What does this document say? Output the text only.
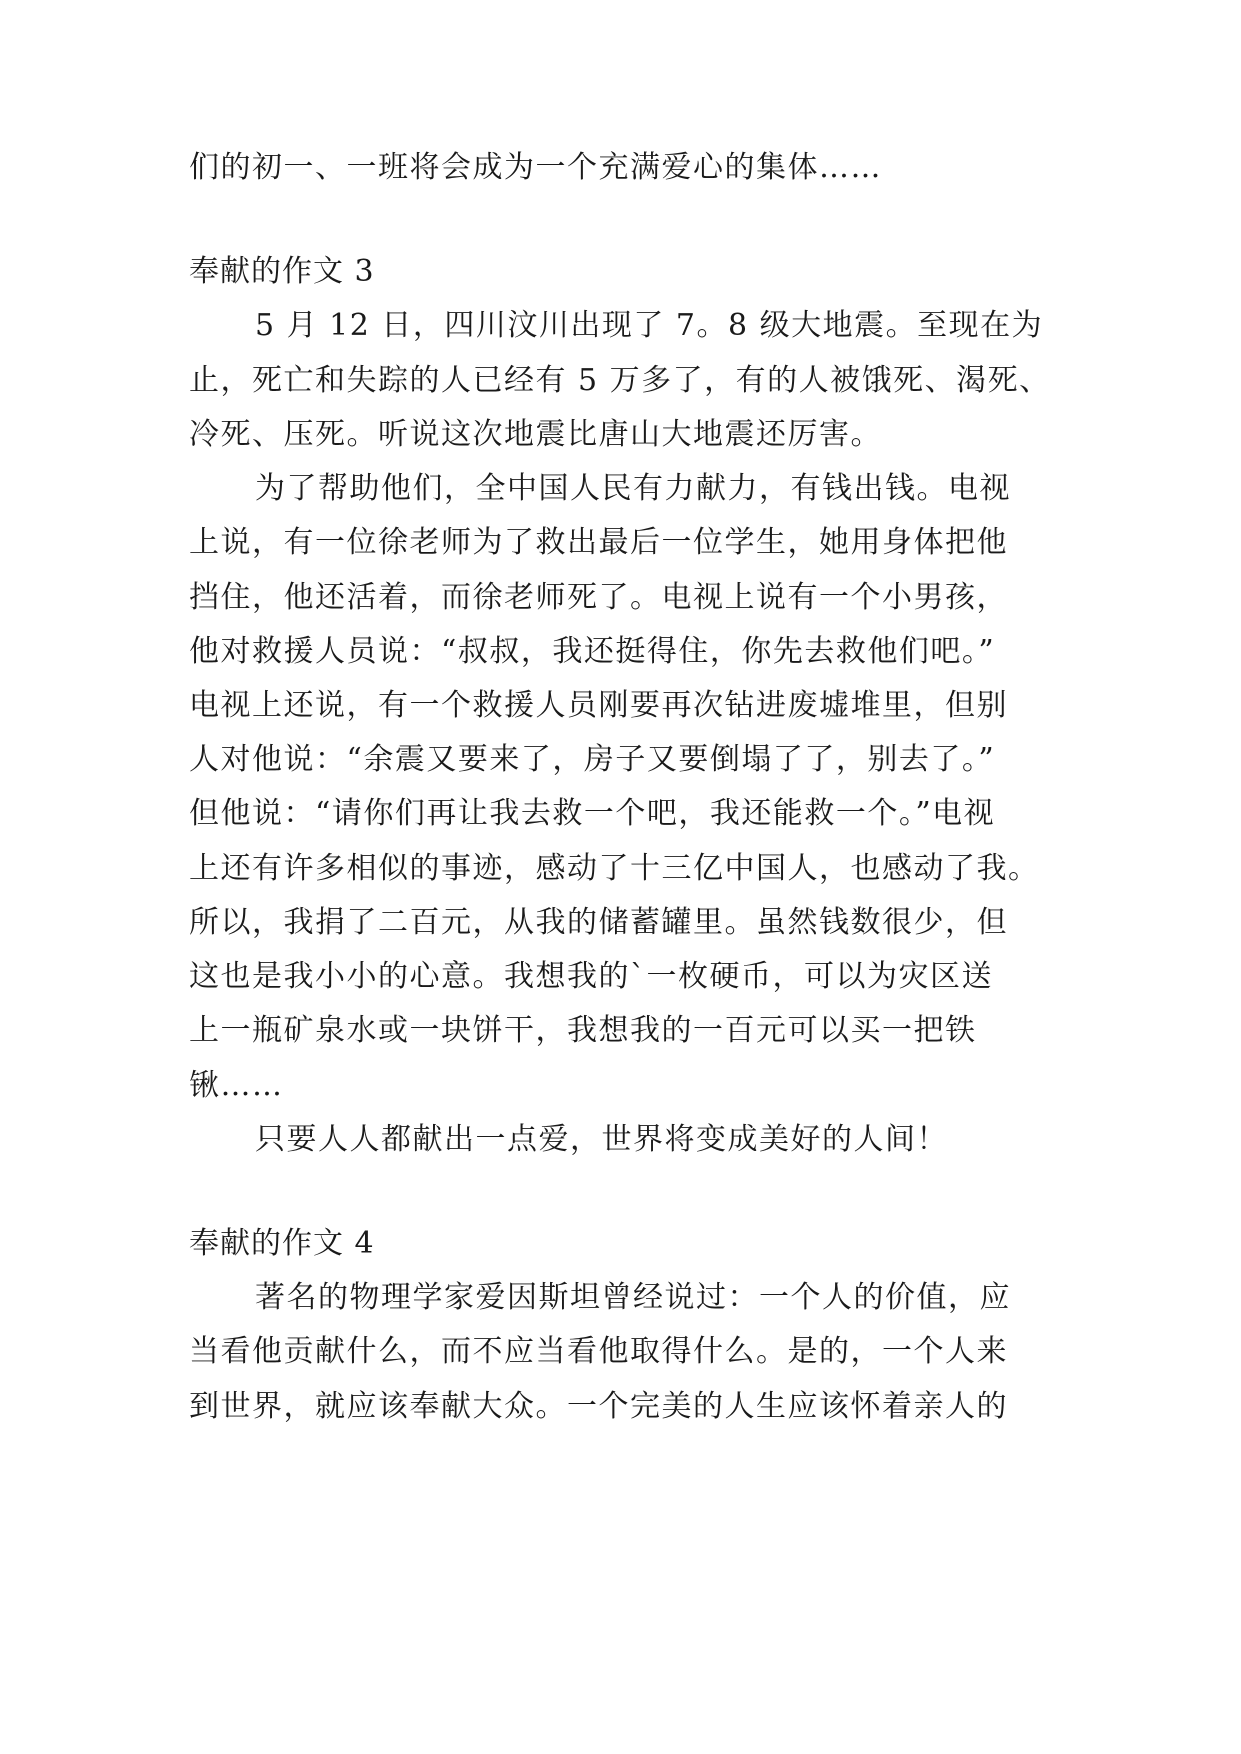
们的初一、一班将会成为一个充满爱心的集体……
奉献的作文 3
5 月 12 日，四川汶川出现了 7。8 级大地震。至现在为
止，死亡和失踪的人已经有 5 万多了，有的人被饿死、渴死、
冷死、压死。听说这次地震比唐山大地震还厉害。
为了帮助他们，全中国人民有力献力，有钱出钱。电视
上说，有一位徐老师为了救出最后一位学生，她用身体把他
挡住，他还活着，而徐老师死了。电视上说有一个小男孩，
他对救援人员说：“叔叔，我还挺得住，你先去救他们吧。”
电视上还说，有一个救援人员刚要再次钻进废墟堆里，但别
人对他说：“余震又要来了，房子又要倒塌了了，别去了。”
但他说：“请你们再让我去救一个吧，我还能救一个。”电视
上还有许多相似的事迹，感动了十三亿中国人，也感动了我。
所以，我捐了二百元，从我的储蓄罐里。虽然钱数很少，但
这也是我小小的心意。我想我的`一枚硬币，可以为灾区送
上一瓶矿泉水或一块饼干，我想我的一百元可以买一把铁
锹……
只要人人都献出一点爱，世界将变成美好的人间！
奉献的作文 4
著名的物理学家爱因斯坦曾经说过：一个人的价值，应
当看他贡献什么，而不应当看他取得什么。是的，一个人来
到世界，就应该奉献大众。一个完美的人生应该怀着亲人的
